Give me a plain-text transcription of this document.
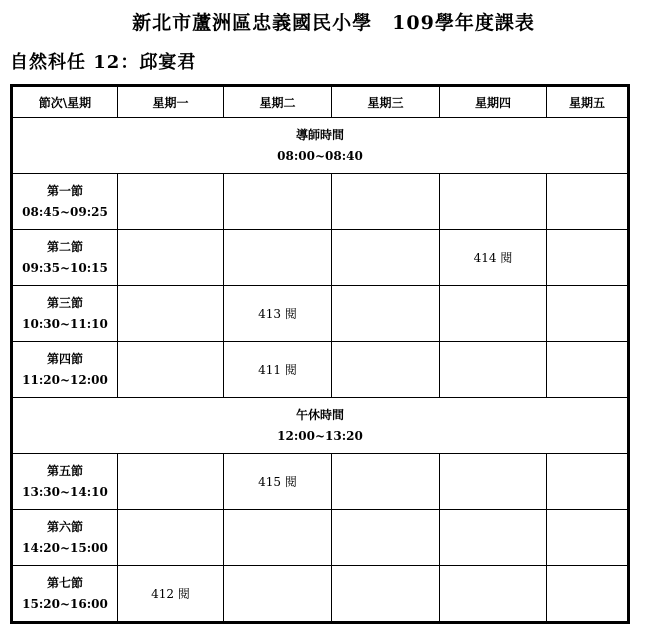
新北市蘆洲區忠義國民小學　109學年度課表
自然科任 12：邱宴君
節次\星期	星期一	星期二	星期三	星期四	星期五

導師時間
08:00~08:40					

第一節
08:45~09:25					

第二節
09:35~10:15				414 閱	

第三節
10:30~11:10		413 閱			

第四節
11:20~12:00		411 閱			

午休時間
12:00~13:20					

第五節
13:30~14:10		415 閱			

第六節
14:20~15:00					

第七節
15:20~16:00	412 閱				
